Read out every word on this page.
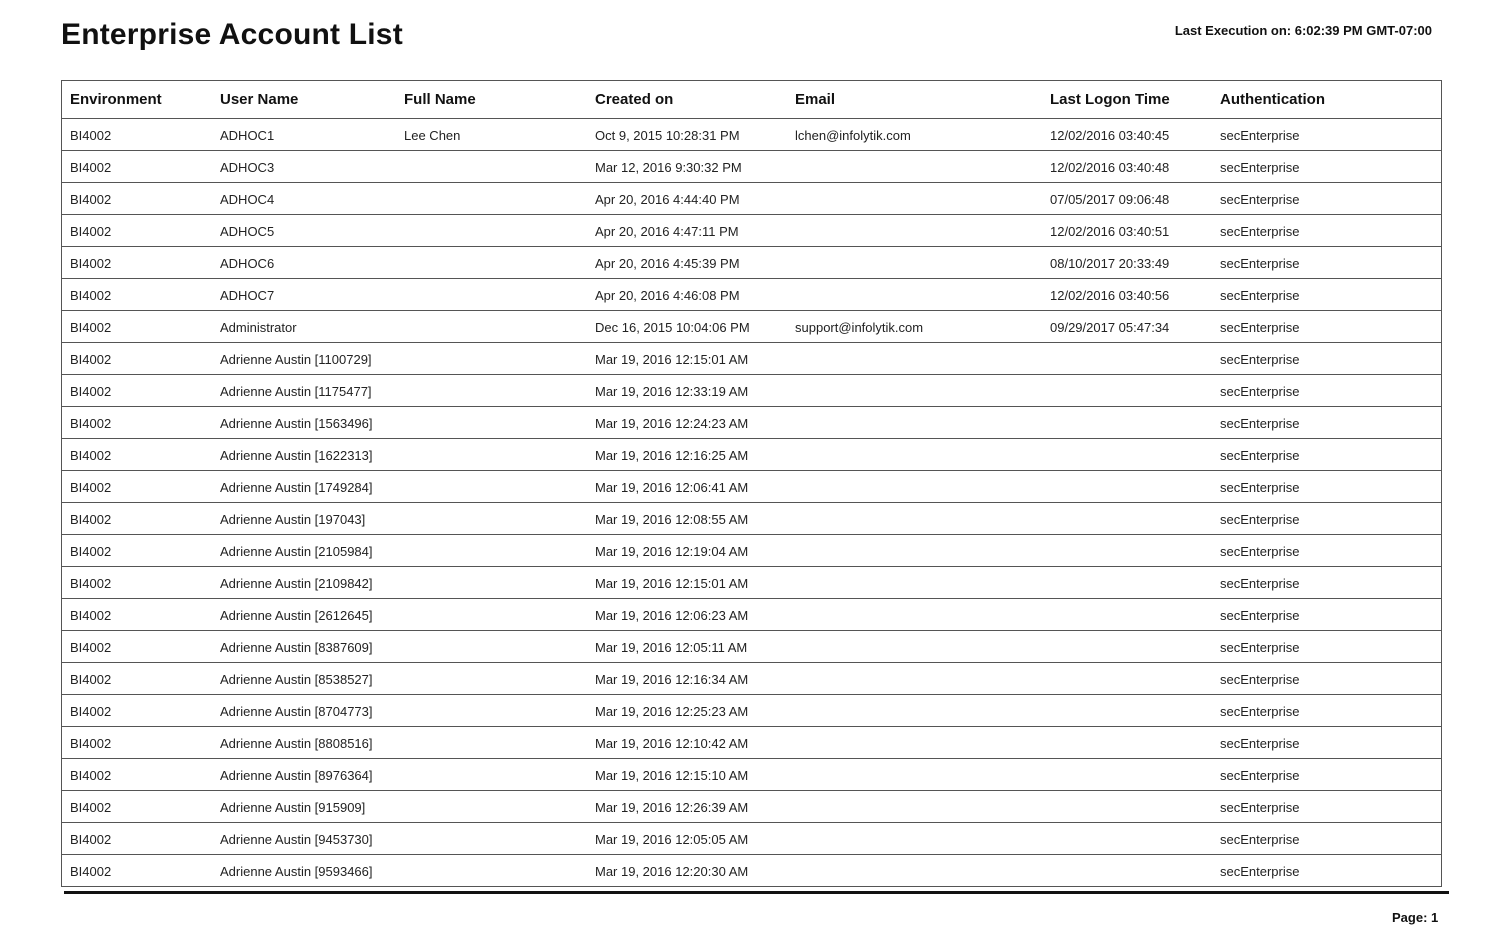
Enterprise Account List	Last Execution on: 6:02:39 PM GMT-07:00
Environment	User Name	Full Name	Created on	Email	Last Logon Time	Authentication
BI4002	ADHOC1	Lee Chen	Oct 9, 2015 10:28:31 PM	lchen@infolytik.com	12/02/2016 03:40:45	secEnterprise
BI4002	ADHOC3		Mar 12, 2016 9:30:32 PM		12/02/2016 03:40:48	secEnterprise
BI4002	ADHOC4		Apr 20, 2016 4:44:40 PM		07/05/2017 09:06:48	secEnterprise
BI4002	ADHOC5		Apr 20, 2016 4:47:11 PM		12/02/2016 03:40:51	secEnterprise
BI4002	ADHOC6		Apr 20, 2016 4:45:39 PM		08/10/2017 20:33:49	secEnterprise
BI4002	ADHOC7		Apr 20, 2016 4:46:08 PM		12/02/2016 03:40:56	secEnterprise
BI4002	Administrator		Dec 16, 2015 10:04:06 PM	support@infolytik.com	09/29/2017 05:47:34	secEnterprise
BI4002	Adrienne Austin [1100729]		Mar 19, 2016 12:15:01 AM			secEnterprise
BI4002	Adrienne Austin [1175477]		Mar 19, 2016 12:33:19 AM			secEnterprise
BI4002	Adrienne Austin [1563496]		Mar 19, 2016 12:24:23 AM			secEnterprise
BI4002	Adrienne Austin [1622313]		Mar 19, 2016 12:16:25 AM			secEnterprise
BI4002	Adrienne Austin [1749284]		Mar 19, 2016 12:06:41 AM			secEnterprise
BI4002	Adrienne Austin [197043]		Mar 19, 2016 12:08:55 AM			secEnterprise
BI4002	Adrienne Austin [2105984]		Mar 19, 2016 12:19:04 AM			secEnterprise
BI4002	Adrienne Austin [2109842]		Mar 19, 2016 12:15:01 AM			secEnterprise
BI4002	Adrienne Austin [2612645]		Mar 19, 2016 12:06:23 AM			secEnterprise
BI4002	Adrienne Austin [8387609]		Mar 19, 2016 12:05:11 AM			secEnterprise
BI4002	Adrienne Austin [8538527]		Mar 19, 2016 12:16:34 AM			secEnterprise
BI4002	Adrienne Austin [8704773]		Mar 19, 2016 12:25:23 AM			secEnterprise
BI4002	Adrienne Austin [8808516]		Mar 19, 2016 12:10:42 AM			secEnterprise
BI4002	Adrienne Austin [8976364]		Mar 19, 2016 12:15:10 AM			secEnterprise
BI4002	Adrienne Austin [915909]		Mar 19, 2016 12:26:39 AM			secEnterprise
BI4002	Adrienne Austin [9453730]		Mar 19, 2016 12:05:05 AM			secEnterprise
BI4002	Adrienne Austin [9593466]		Mar 19, 2016 12:20:30 AM			secEnterprise
Page: 1
